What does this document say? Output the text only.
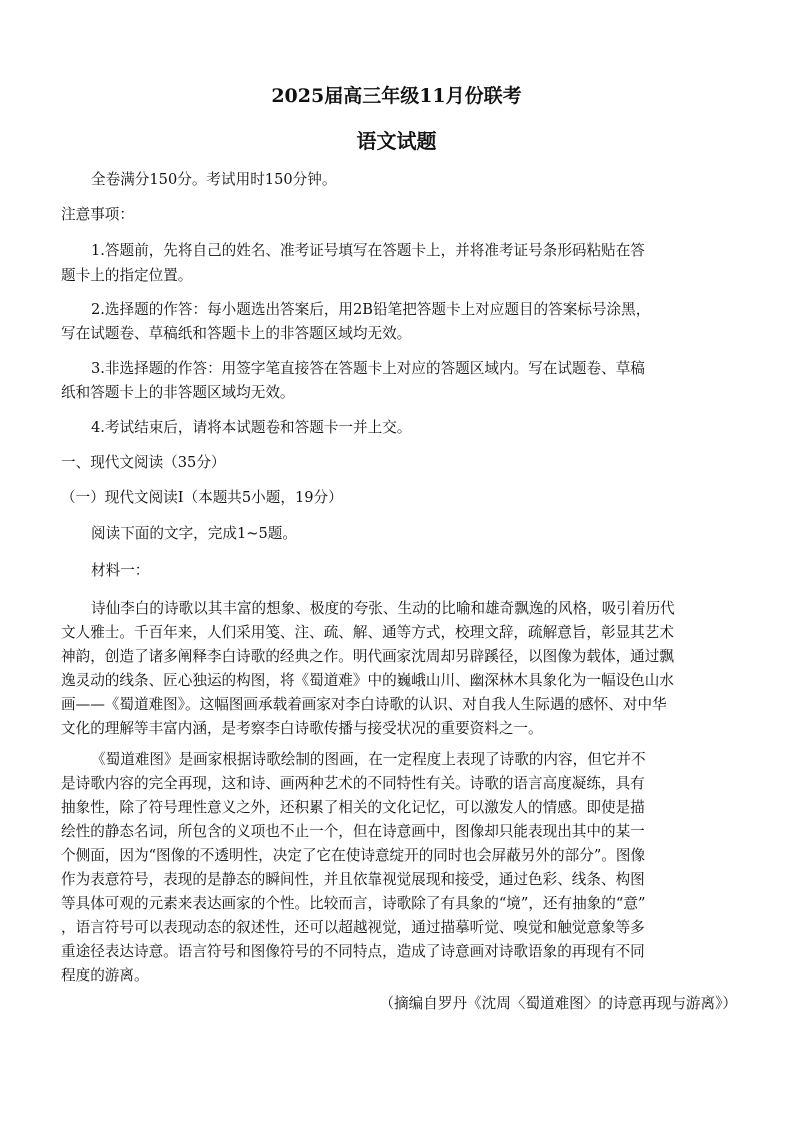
2025届高三年级11月份联考
语文试题
全卷满分150分。考试用时150分钟。
注意事项：
1.答题前，先将自己的姓名、准考证号填写在答题卡上，并将准考证号条形码粘贴在答
题卡上的指定位置。
2.选择题的作答：每小题选出答案后，用2B铅笔把答题卡上对应题目的答案标号涂黑，
写在试题卷、草稿纸和答题卡上的非答题区域均无效。
3.非选择题的作答：用签字笔直接答在答题卡上对应的答题区域内。写在试题卷、草稿
纸和答题卡上的非答题区域均无效。
4.考试结束后，请将本试题卷和答题卡一并上交。
一、现代文阅读（35分）
（一）现代文阅读Ⅰ（本题共5小题，19分）
阅读下面的文字，完成1~5题。
材料一：
诗仙李白的诗歌以其丰富的想象、极度的夸张、生动的比喻和雄奇飘逸的风格，吸引着历代
文人雅士。千百年来，人们采用笺、注、疏、解、通等方式，校理文辞，疏解意旨，彰显其艺术
神韵，创造了诸多阐释李白诗歌的经典之作。明代画家沈周却另辟蹊径，以图像为载体，通过飘
逸灵动的线条、匠心独运的构图，将《蜀道难》中的巍峨山川、幽深林木具象化为一幅设色山水
画——《蜀道难图》。这幅图画承载着画家对李白诗歌的认识、对自我人生际遇的感怀、对中华
文化的理解等丰富内涵，是考察李白诗歌传播与接受状况的重要资料之一。
《蜀道难图》是画家根据诗歌绘制的图画，在一定程度上表现了诗歌的内容，但它并不
是诗歌内容的完全再现，这和诗、画两种艺术的不同特性有关。诗歌的语言高度凝练，具有
抽象性，除了符号理性意义之外，还积累了相关的文化记忆，可以激发人的情感。即使是描
绘性的静态名词，所包含的义项也不止一个，但在诗意画中，图像却只能表现出其中的某一
个侧面，因为“图像的不透明性，决定了它在使诗意绽开的同时也会屏蔽另外的部分”。图像
作为表意符号，表现的是静态的瞬间性，并且依靠视觉展现和接受，通过色彩、线条、构图
等具体可观的元素来表达画家的个性。比较而言，诗歌除了有具象的“境”，还有抽象的“意”
，语言符号可以表现动态的叙述性，还可以超越视觉，通过描摹听觉、嗅觉和触觉意象等多
重途径表达诗意。语言符号和图像符号的不同特点，造成了诗意画对诗歌语象的再现有不同
程度的游离。
（摘编自罗丹《沈周〈蜀道难图〉的诗意再现与游离》）
